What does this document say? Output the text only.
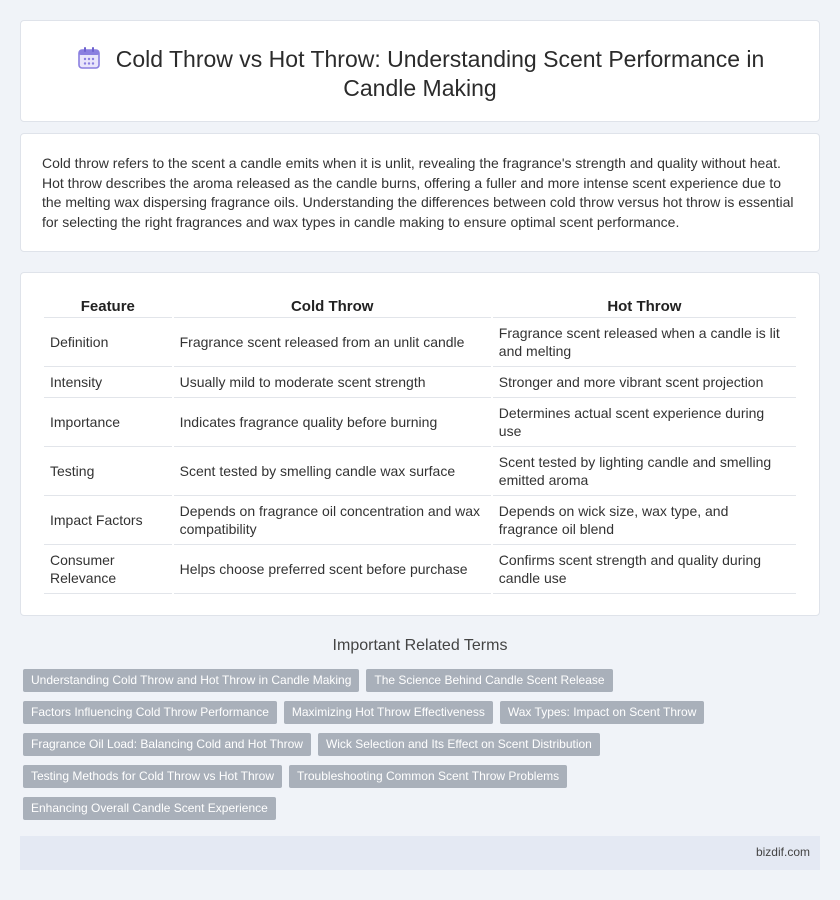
Cold Throw vs Hot Throw: Understanding Scent Performance in Candle Making

Cold throw refers to the scent a candle emits when it is unlit, revealing the fragrance's strength and quality without heat. Hot throw describes the aroma released as the candle burns, offering a fuller and more intense scent experience due to the melting wax dispersing fragrance oils. Understanding the differences between cold throw versus hot throw is essential for selecting the right fragrances and wax types in candle making to ensure optimal scent performance.

Feature	Cold Throw	Hot Throw
Definition	Fragrance scent released from an unlit candle	Fragrance scent released when a candle is lit and melting
Intensity	Usually mild to moderate scent strength	Stronger and more vibrant scent projection
Importance	Indicates fragrance quality before burning	Determines actual scent experience during use
Testing	Scent tested by smelling candle wax surface	Scent tested by lighting candle and smelling emitted aroma
Impact Factors	Depends on fragrance oil concentration and wax compatibility	Depends on wick size, wax type, and fragrance oil blend
Consumer Relevance	Helps choose preferred scent before purchase	Confirms scent strength and quality during candle use
Important Related Terms
Understanding Cold Throw and Hot Throw in Candle Making	The Science Behind Candle Scent Release
Factors Influencing Cold Throw Performance	Maximizing Hot Throw Effectiveness	Wax Types: Impact on Scent Throw
Fragrance Oil Load: Balancing Cold and Hot Throw	Wick Selection and Its Effect on Scent Distribution
Testing Methods for Cold Throw vs Hot Throw	Troubleshooting Common Scent Throw Problems
Enhancing Overall Candle Scent Experience
bizdif.com
